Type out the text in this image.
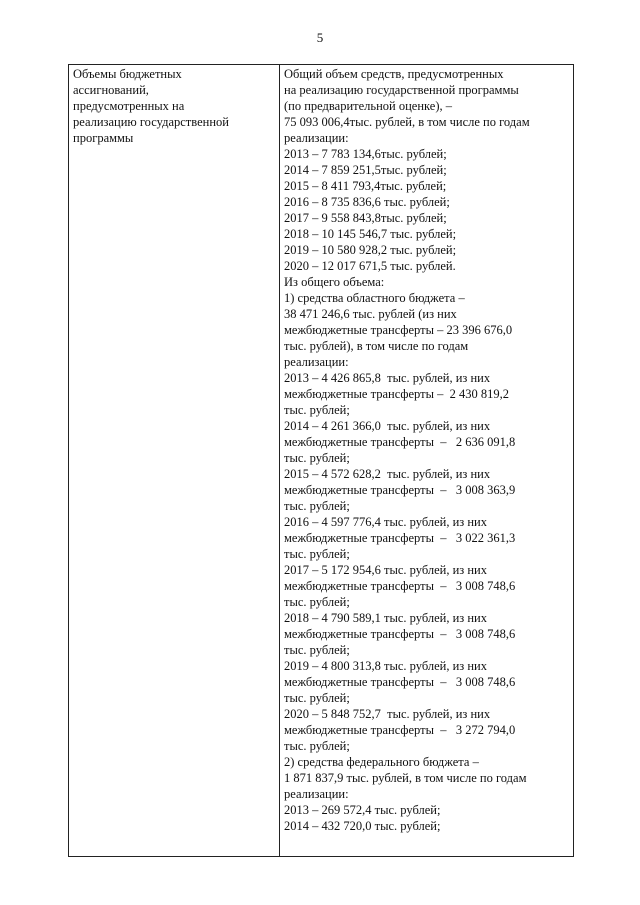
5
Объемы бюджетных
ассигнований,
предусмотренных на
реализацию государственной
программы
Общий объем средств, предусмотренных
на реализацию государственной программы
(по предварительной оценке), –
75 093 006,4тыс. рублей, в том числе по годам
реализации:
2013 – 7 783 134,6тыс. рублей;
2014 – 7 859 251,5тыс. рублей;
2015 – 8 411 793,4тыс. рублей;
2016 – 8 735 836,6 тыс. рублей;
2017 – 9 558 843,8тыс. рублей;
2018 – 10 145 546,7 тыс. рублей;
2019 – 10 580 928,2 тыс. рублей;
2020 – 12 017 671,5 тыс. рублей.
Из общего объема:
1) средства областного бюджета –
38 471 246,6 тыс. рублей (из них
межбюджетные трансферты – 23 396 676,0
тыс. рублей), в том числе по годам
реализации:
2013 – 4 426 865,8  тыс. рублей, из них
межбюджетные трансферты –  2 430 819,2
тыс. рублей;
2014 – 4 261 366,0  тыс. рублей, из них
межбюджетные трансферты  –   2 636 091,8
тыс. рублей;
2015 – 4 572 628,2  тыс. рублей, из них
межбюджетные трансферты  –   3 008 363,9
тыс. рублей;
2016 – 4 597 776,4 тыс. рублей, из них
межбюджетные трансферты  –   3 022 361,3
тыс. рублей;
2017 – 5 172 954,6 тыс. рублей, из них
межбюджетные трансферты  –   3 008 748,6
тыс. рублей;
2018 – 4 790 589,1 тыс. рублей, из них
межбюджетные трансферты  –   3 008 748,6
тыс. рублей;
2019 – 4 800 313,8 тыс. рублей, из них
межбюджетные трансферты  –   3 008 748,6
тыс. рублей;
2020 – 5 848 752,7  тыс. рублей, из них
межбюджетные трансферты  –   3 272 794,0
тыс. рублей;
2) средства федерального бюджета –
1 871 837,9 тыс. рублей, в том числе по годам
реализации:
2013 – 269 572,4 тыс. рублей;
2014 – 432 720,0 тыс. рублей;
